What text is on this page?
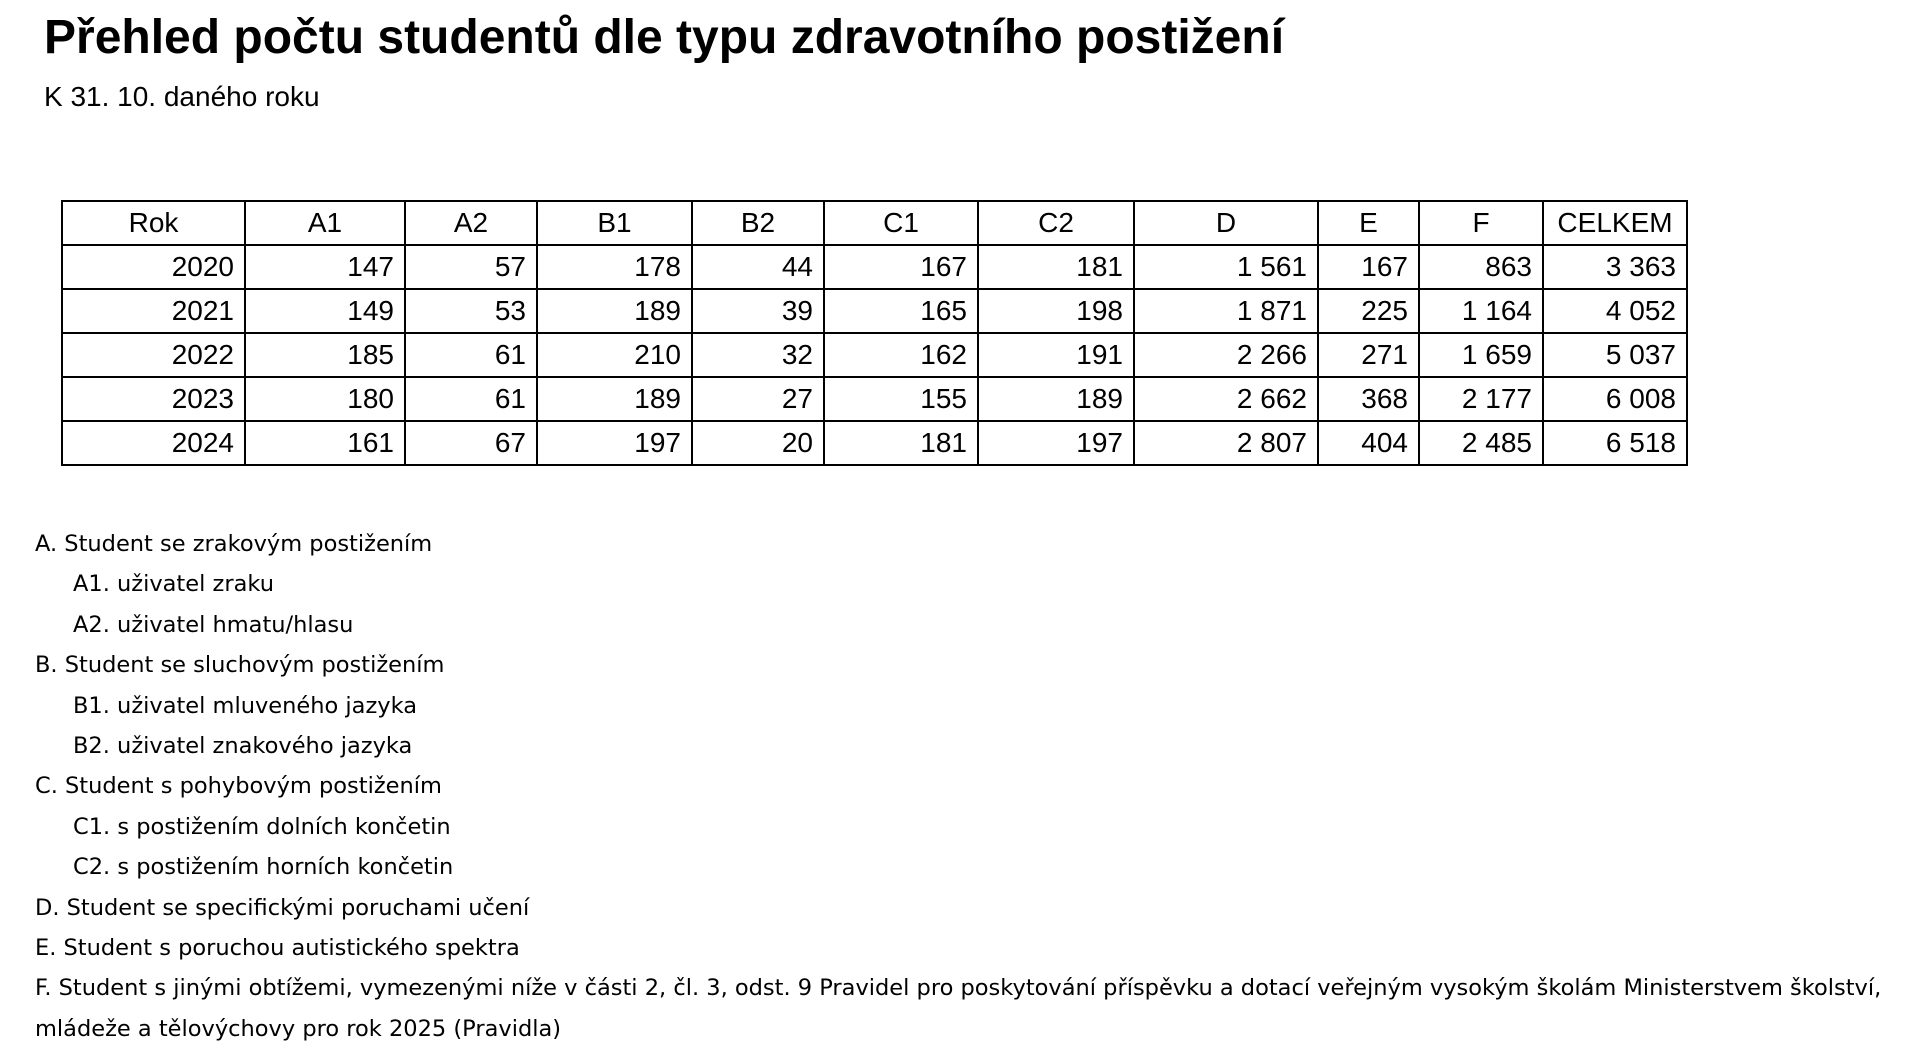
Přehled počtu studentů dle typu zdravotního postižení
K 31. 10. daného roku
Rok	A1	A2	B1	B2	C1	C2	D	E	F	CELKEM
2020	147	57	178	44	167	181	1 561	167	863	3 363
2021	149	53	189	39	165	198	1 871	225	1 164	4 052
2022	185	61	210	32	162	191	2 266	271	1 659	5 037
2023	180	61	189	27	155	189	2 662	368	2 177	6 008
2024	161	67	197	20	181	197	2 807	404	2 485	6 518

A. Student se zrakovým postižením

A1. uživatel zraku

A2. uživatel hmatu/hlasu

B. Student se sluchovým postižením

B1. uživatel mluveného jazyka

B2. uživatel znakového jazyka

C. Student s pohybovým postižením

C1. s postižením dolních končetin

C2. s postižením horních končetin

D. Student se specifickými poruchami učení

E. Student s poruchou autistického spektra

F. Student s jinými obtížemi, vymezenými níže v části 2, čl. 3, odst. 9 Pravidel pro poskytování příspěvku a dotací veřejným vysokým školám Ministerstvem školství, mládeže a tělovýchovy pro rok 2025 (Pravidla)
